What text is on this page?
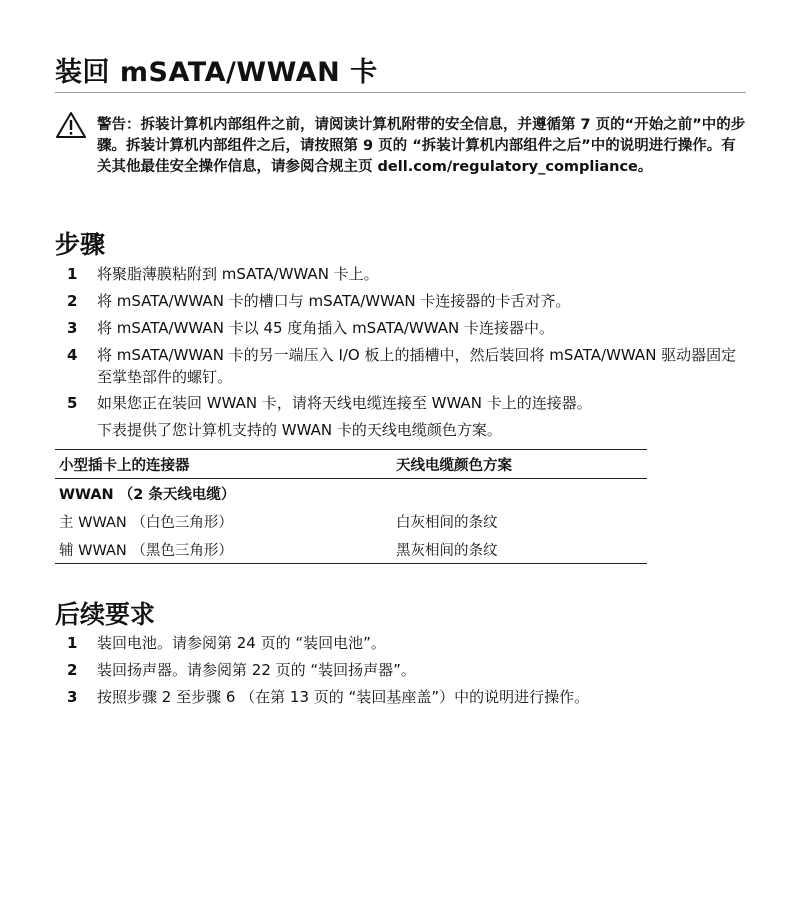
装回 mSATA/WWAN 卡
警告：拆装计算机内部组件之前，请阅读计算机附带的安全信息，并遵循第 7 页的“开始之前”中的步骤。拆装计算机内部组件之后，请按照第 9 页的 “拆装计算机内部组件之后”中的说明进行操作。有关其他最佳安全操作信息，请参阅合规主页 dell.com/regulatory_compliance。
步骤
1 将聚脂薄膜粘附到 mSATA/WWAN 卡上。
2 将 mSATA/WWAN 卡的槽口与 mSATA/WWAN 卡连接器的卡舌对齐。
3 将 mSATA/WWAN 卡以 45 度角插入 mSATA/WWAN 卡连接器中。
4 将 mSATA/WWAN 卡的另一端压入 I/O 板上的插槽中，然后装回将 mSATA/WWAN 驱动器固定至掌垫部件的螺钉。
5 如果您正在装回 WWAN 卡，请将天线电缆连接至 WWAN 卡上的连接器。
下表提供了您计算机支持的 WWAN 卡的天线电缆颜色方案。
小型插卡上的连接器	天线电缆颜色方案
WWAN （2 条天线电缆）	
主 WWAN （白色三角形）	白灰相间的条纹
辅 WWAN （黑色三角形）	黑灰相间的条纹
后续要求
1 装回电池。请参阅第 24 页的 “装回电池”。
2 装回扬声器。请参阅第 22 页的 “装回扬声器”。
3 按照步骤 2 至步骤 6 （在第 13 页的 “装回基座盖”）中的说明进行操作。
